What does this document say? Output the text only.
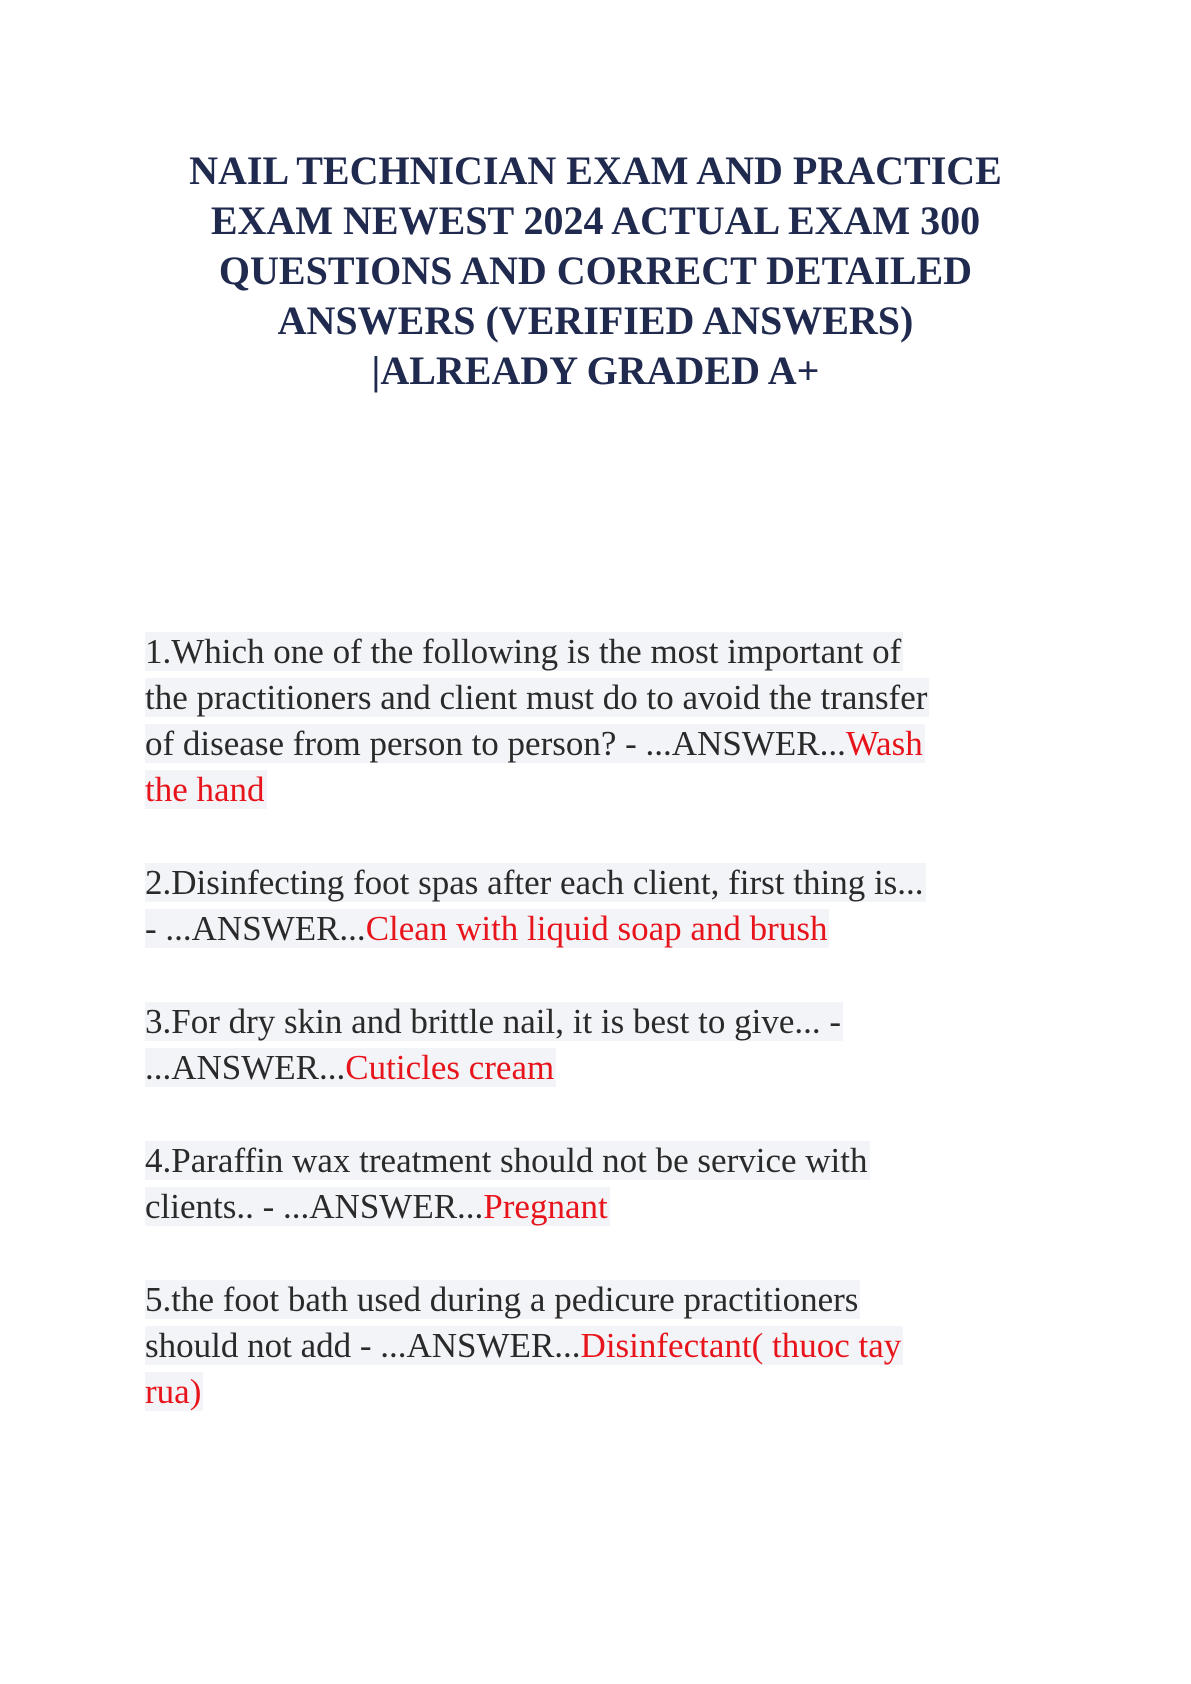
NAIL TECHNICIAN EXAM AND PRACTICE
EXAM NEWEST 2024 ACTUAL EXAM 300
QUESTIONS AND CORRECT DETAILED
ANSWERS (VERIFIED ANSWERS)
|ALREADY GRADED A+

1.Which one of the following is the most important of
the practitioners and client must do to avoid the transfer
of disease from person to person? - ...ANSWER...Wash
the hand

2.Disinfecting foot spas after each client, first thing is...
- ...ANSWER...Clean with liquid soap and brush

3.For dry skin and brittle nail, it is best to give... -
...ANSWER...Cuticles cream

4.Paraffin wax treatment should not be service with
clients.. - ...ANSWER...Pregnant

5.the foot bath used during a pedicure practitioners
should not add - ...ANSWER...Disinfectant( thuoc tay
rua)
